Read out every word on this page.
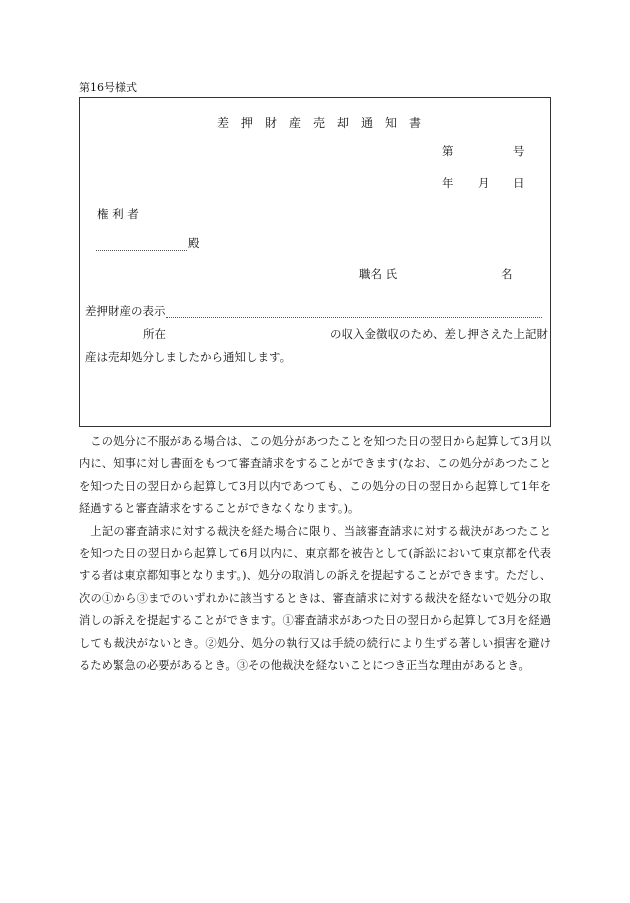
第16号様式
差押財産売却通知書
第	号
年 月 日
権 利 者
殿
職名 氏	名
差押財産の表示
所在	の収入金徴収のため、差し押さえた上記財
産は売却処分しましたから通知します。

この処分に不服がある場合は、この処分があつたことを知つた日の翌日から起算して3月以内に、知事に対し書面をもつて審査請求をすることができます(なお、この処分があつたことを知つた日の翌日から起算して3月以内であつても、この処分の日の翌日から起算して1年を経過すると審査請求をすることができなくなります。)。

上記の審査請求に対する裁決を経た場合に限り、当該審査請求に対する裁決があつたことを知つた日の翌日から起算して6月以内に、東京都を被告として(訴訟において東京都を代表する者は東京都知事となります。)、処分の取消しの訴えを提起することができます。ただし、次の①から③までのいずれかに該当するときは、審査請求に対する裁決を経ないで処分の取消しの訴えを提起することができます。①審査請求があつた日の翌日から起算して3月を経過しても裁決がないとき。②処分、処分の執行又は手続の続行により生ずる著しい損害を避けるため緊急の必要があるとき。③その他裁決を経ないことにつき正当な理由があるとき。
